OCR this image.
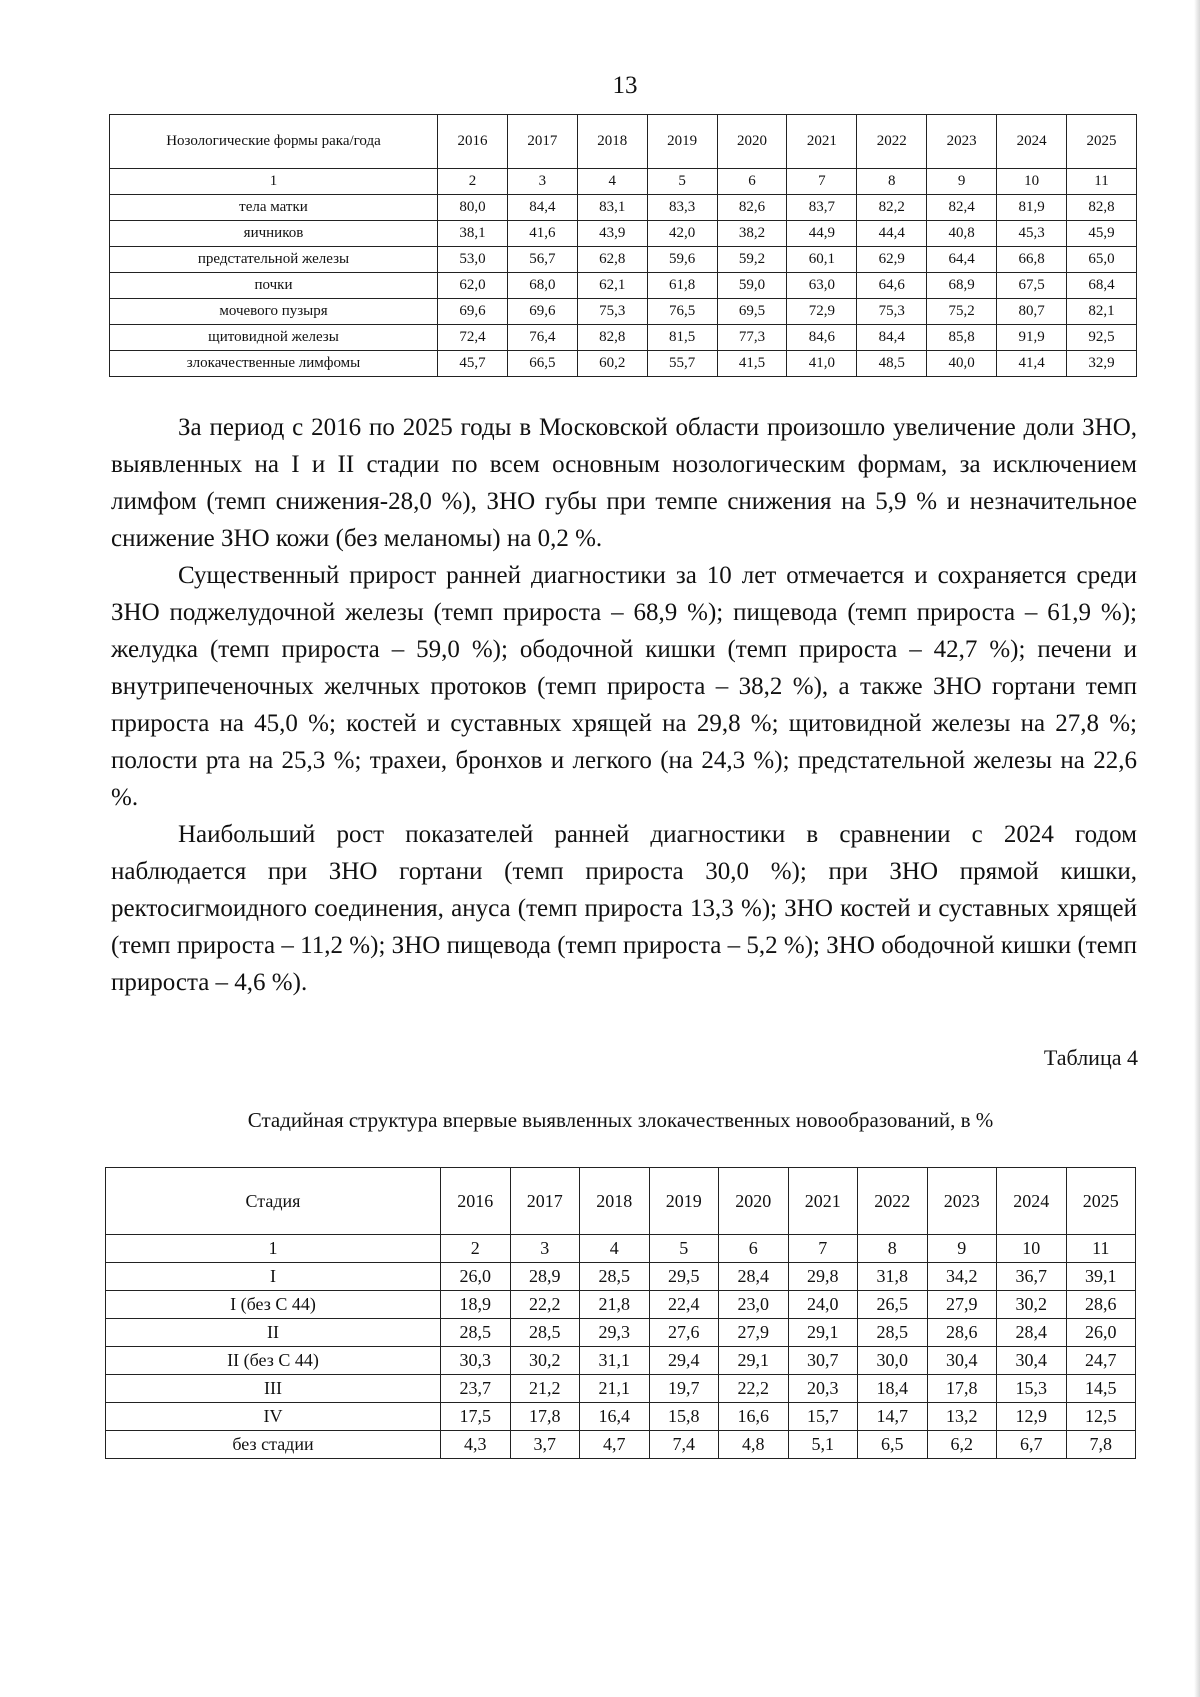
13
Нозологические формы рака/года	2016	2017	2018	2019	2020	2021	2022	2023	2024	2025
1	2	3	4	5	6	7	8	9	10	11
тела матки	80,0	84,4	83,1	83,3	82,6	83,7	82,2	82,4	81,9	82,8
яичников	38,1	41,6	43,9	42,0	38,2	44,9	44,4	40,8	45,3	45,9
предстательной железы	53,0	56,7	62,8	59,6	59,2	60,1	62,9	64,4	66,8	65,0
почки	62,0	68,0	62,1	61,8	59,0	63,0	64,6	68,9	67,5	68,4
мочевого пузыря	69,6	69,6	75,3	76,5	69,5	72,9	75,3	75,2	80,7	82,1
щитовидной железы	72,4	76,4	82,8	81,5	77,3	84,6	84,4	85,8	91,9	92,5
злокачественные лимфомы	45,7	66,5	60,2	55,7	41,5	41,0	48,5	40,0	41,4	32,9

За период с 2016 по 2025 годы в Московской области произошло увеличение доли ЗНО, выявленных на I и II стадии по всем основным нозологическим формам, за исключением лимфом (темп снижения-28,0 %), ЗНО губы при темпе снижения на 5,9 % и незначительное снижение ЗНО кожи (без меланомы) на 0,2 %.

Существенный прирост ранней диагностики за 10 лет отмечается и сохраняется среди ЗНО поджелудочной железы (темп прироста – 68,9 %); пищевода (темп прироста – 61,9 %); желудка (темп прироста – 59,0 %); ободочной кишки (темп прироста – 42,7 %); печени и внутрипеченочных желчных протоков (темп прироста – 38,2 %), а также ЗНО гортани темп прироста на 45,0 %; костей и суставных хрящей на 29,8 %; щитовидной железы на 27,8 %; полости рта на 25,3 %; трахеи, бронхов и легкого (на 24,3 %); предстательной железы на 22,6 %.

Наибольший рост показателей ранней диагностики в сравнении с 2024 годом наблюдается при ЗНО гортани (темп прироста 30,0 %); при ЗНО прямой кишки, ректосигмоидного соединения, ануса (темп прироста 13,3 %); ЗНО костей и суставных хрящей (темп прироста – 11,2 %); ЗНО пищевода (темп прироста – 5,2 %); ЗНО ободочной кишки (темп прироста – 4,6 %).

Таблица 4
Стадийная структура впервые выявленных злокачественных новообразований, в %
Стадия	2016	2017	2018	2019	2020	2021	2022	2023	2024	2025
1	2	3	4	5	6	7	8	9	10	11
I	26,0	28,9	28,5	29,5	28,4	29,8	31,8	34,2	36,7	39,1
I (без С 44)	18,9	22,2	21,8	22,4	23,0	24,0	26,5	27,9	30,2	28,6
II	28,5	28,5	29,3	27,6	27,9	29,1	28,5	28,6	28,4	26,0
II (без С 44)	30,3	30,2	31,1	29,4	29,1	30,7	30,0	30,4	30,4	24,7
III	23,7	21,2	21,1	19,7	22,2	20,3	18,4	17,8	15,3	14,5
IV	17,5	17,8	16,4	15,8	16,6	15,7	14,7	13,2	12,9	12,5
без стадии	4,3	3,7	4,7	7,4	4,8	5,1	6,5	6,2	6,7	7,8
